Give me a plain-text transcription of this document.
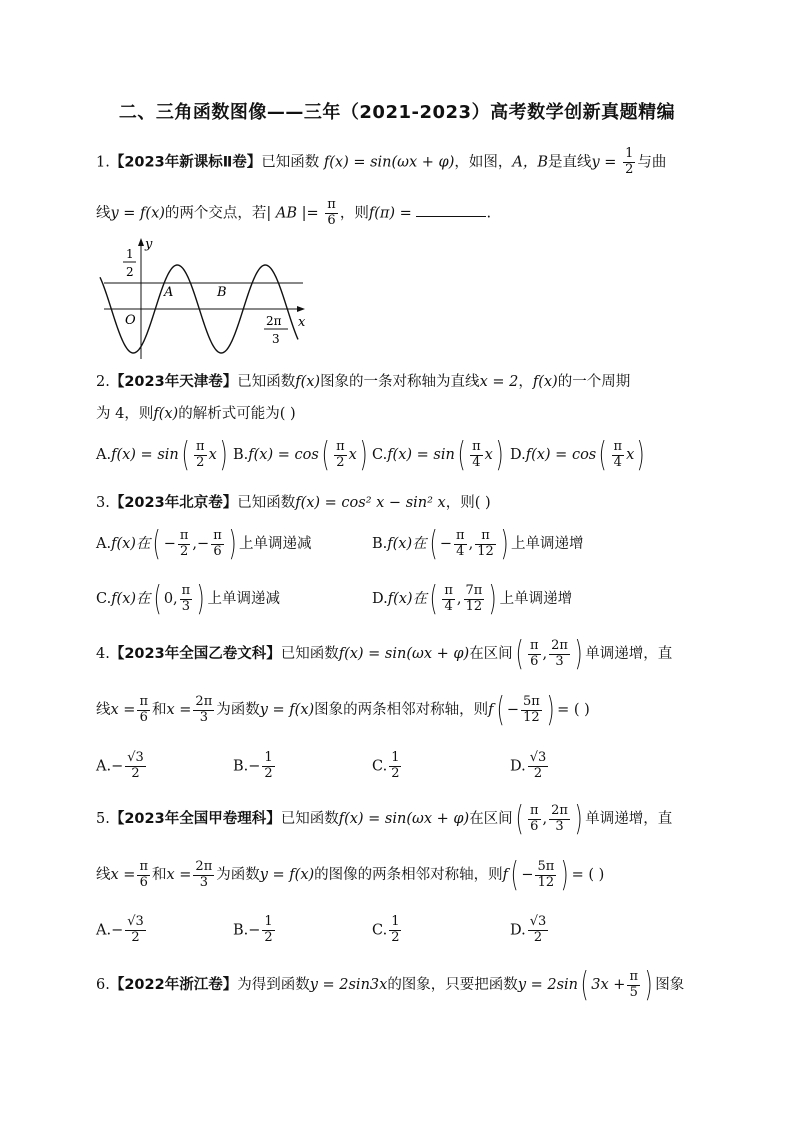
二、三角函数图像——三年（2021-2023）高考数学创新真题精编
1.【2023年新课标Ⅱ卷】已知函数 f(x) = sin(ωx + φ)，如图，A，B是直线$y = \frac{1}{2}$ 与曲
线y = f(x)的两个交点，若| AB |= $\frac{\pi}{6}$ ，则f(π) =	.
y
x
O
1
2
A	B
2π
3
2.【2023年天津卷】已知函数f(x)图象的一条对称轴为直线x = 2，f(x)的一个周期
为 4，则f(x)的解析式可能为( )
$A.f(x) = \sin( \frac{\pi}{2} x)$ $B.f(x) = \cos( \frac{\pi}{2} x)$ $C.f(x) = \sin( \frac{\pi}{4} x)$ $D.f(x) = \cos( \frac{\pi}{4} x)$
3.【2023年北京卷】已知函数f(x) = cos² x − sin² x，则( )
A.f(x)在( − $\frac{\pi}{2}$ ,− $\frac{\pi}{6}$ ) 上单调递减	B.f(x)在( − $\frac{\pi}{4}$ , $\frac{\pi}{12}$ ) 上单调递增
C.f(x)在( 0, $\frac{\pi}{3}$ ) 上单调递减	D.f(x)在( $\frac{\pi}{4}$ , $\frac{7\pi}{12}$ ) 上单调递增
4.【2023年全国乙卷文科】已知函数f(x) = sin(ωx + φ)在区间( $\frac{\pi}{6}$ , $\frac{2\pi}{3}$ ) 单调递增，直
线$x = \frac{\pi}{6}$ 和$x = \frac{2\pi}{3}$ 为函数y = f(x)图象的两条相邻对称轴，则$f( - \frac{5\pi}{12}$ ) = ( )
$A.- \frac{√3}{2}$	$B.- \frac{1}{2}$	C. $\frac{1}{2}$	D. $\frac{√3}{2}$
5.【2023年全国甲卷理科】已知函数f(x) = sin(ωx + φ)在区间( $\frac{\pi}{6}$ , $\frac{2\pi}{3}$ ) 单调递增，直
线$x = \frac{\pi}{6}$ 和$x = \frac{2\pi}{3}$ 为函数y = f(x)的图像的两条相邻对称轴，则$f( - \frac{5\pi}{12}$ ) = ( )
$A.- \frac{√3}{2}$	$B.- \frac{1}{2}$	C. $\frac{1}{2}$	D. $\frac{√3}{2}$
6.【2022年浙江卷】为得到函数y = 2sin3x的图象，只要把函数y = 2sin( $3x + \frac{\pi}{5}$ ) 图象
